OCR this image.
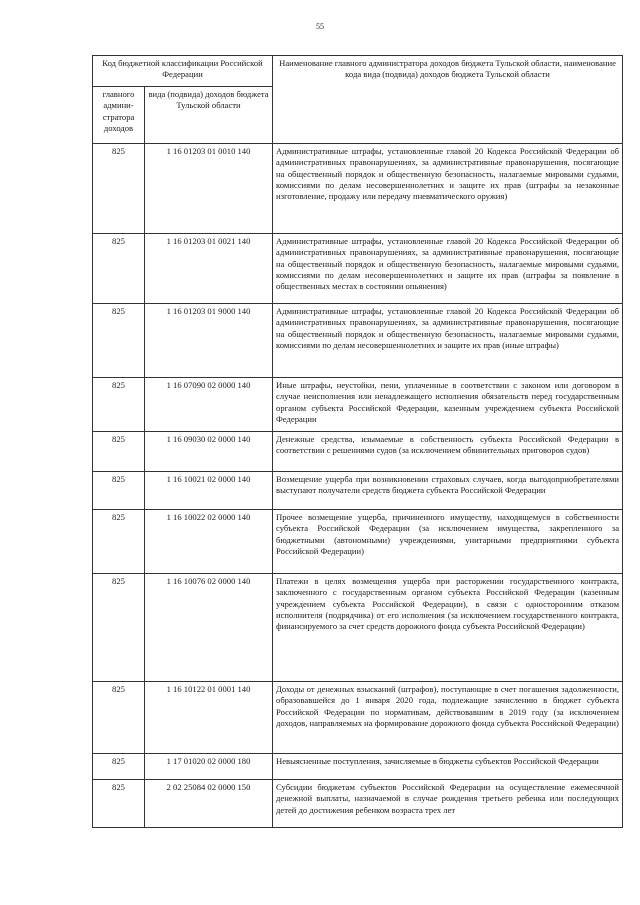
55
Код бюджетной классификации Российской Федерации		Наименование главного администратора доходов бюджета Тульской области, наименование кода вида (подвида) доходов бюджета Тульской области
главного админи-стратора доходов	вида (подвида) доходов бюджета Тульской области	
825	1 16 01203 01 0010 140	Административные штрафы, установленные главой 20 Кодекса Российской Федерации об административных правонарушениях, за административные правонарушения, посягающие на общественный порядок и общественную безопасность, налагаемые мировыми судьями, комиссиями по делам несовершеннолетних и защите их прав (штрафы за незаконные изготовление, продажу или передачу пневматического оружия)
825	1 16 01203 01 0021 140	Административные штрафы, установленные главой 20 Кодекса Российской Федерации об административных правонарушениях, за административные правонарушения, посягающие на общественный порядок и общественную безопасность, налагаемые мировыми судьями, комиссиями по делам несовершеннолетних и защите их прав (штрафы за появление в общественных местах в состоянии опьянения)
825	1 16 01203 01 9000 140	Административные штрафы, установленные главой 20 Кодекса Российской Федерации об административных правонарушениях, за административные правонарушения, посягающие на общественный порядок и общественную безопасность, налагаемые мировыми судьями, комиссиями по делам несовершеннолетних и защите их прав (иные штрафы)
825	1 16 07090 02 0000 140	Иные штрафы, неустойки, пени, уплаченные в соответствии с законом или договором в случае неисполнения или ненадлежащего исполнения обязательств перед государственным органом субъекта Российской Федерации, казенным учреждением субъекта Российской Федерации
825	1 16 09030 02 0000 140	Денежные средства, изымаемые в собственность субъекта Российской Федерации в соответствии с решениями судов (за исключением обвинительных приговоров судов)
825	1 16 10021 02 0000 140	Возмещение ущерба при возникновении страховых случаев, когда выгодоприобретателями выступают получатели средств бюджета субъекта Российской Федерации
825	1 16 10022 02 0000 140	Прочее возмещение ущерба, причиненного имуществу, находящемуся в собственности субъекта Российской Федерации (за исключением имущества, закрепленного за бюджетными (автономными) учреждениями, унитарными предприятиями субъекта Российской Федерации)
825	1 16 10076 02 0000 140	Платежи в целях возмещения ущерба при расторжении государственного контракта, заключенного с государственным органом субъекта Российской Федерации (казенным учреждением субъекта Российской Федерации), в связи с односторонним отказом исполнителя (подрядчика) от его исполнения (за исключением государственного контракта, финансируемого за счет средств дорожного фонда субъекта Российской Федерации)
825	1 16 10122 01 0001 140	Доходы от денежных взысканий (штрафов), поступающие в счет погашения задолженности, образовавшейся до 1 января 2020 года, подлежащие зачислению в бюджет субъекта Российской Федерации по нормативам, действовавшим в 2019 году (за исключением доходов, направляемых на формирование дорожного фонда субъекта Российской Федерации)
825	1 17 01020 02 0000 180	Невыясненные поступления, зачисляемые в бюджеты субъектов Российской Федерации
825	2 02 25084 02 0000 150	Субсидии бюджетам субъектов Российской Федерации на осуществление ежемесячной денежной выплаты, назначаемой в случае рождения третьего ребенка или последующих детей до достижения ребенком возраста трех лет
